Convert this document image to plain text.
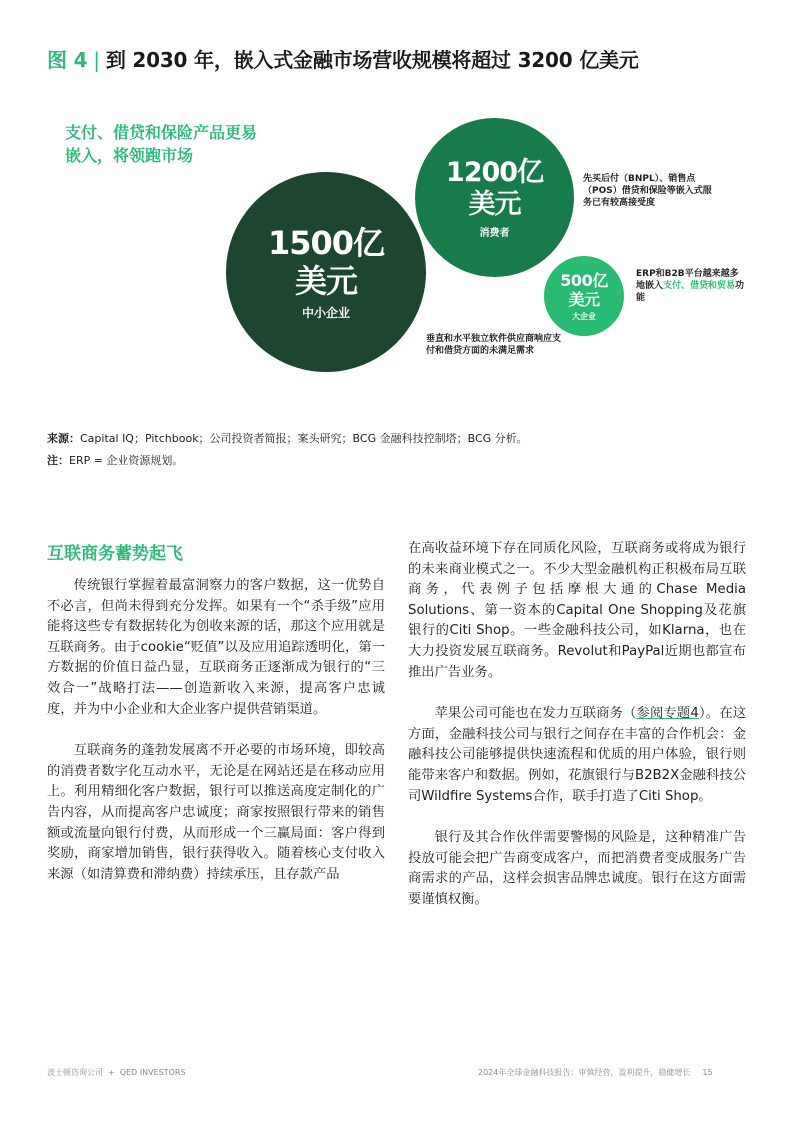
图 4 | 到 2030 年，嵌入式金融市场营收规模将超过 3200 亿美元
支付、借贷和保险产品更易嵌入，将领跑市场
1500亿
美元
中小企业
1200亿
美元
消费者
500亿
美元
大企业
先买后付（BNPL）、销售点（POS）借贷和保险等嵌入式服务已有较高接受度
ERP和B2B平台越来越多地嵌入支付、借贷和贸易功能
垂直和水平独立软件供应商响应支付和借贷方面的未满足需求
来源：Capital IQ；Pitchbook；公司投资者简报；案头研究；BCG 金融科技控制塔；BCG 分析。
注：ERP = 企业资源规划。
互联商务蓄势起飞

传统银行掌握着最富洞察力的客户数据，这一优势自不必言，但尚未得到充分发挥。如果有一个“杀手级”应用能将这些专有数据转化为创收来源的话，那这个应用就是互联商务。由于cookie“贬值”以及应用追踪透明化，第一方数据的价值日益凸显，互联商务正逐渐成为银行的“三效合一”战略打法——创造新收入来源，提高客户忠诚度，并为中小企业和大企业客户提供营销渠道。

互联商务的蓬勃发展离不开必要的市场环境，即较高的消费者数字化互动水平，无论是在网站还是在移动应用上。利用精细化客户数据，银行可以推送高度定制化的广告内容，从而提高客户忠诚度；商家按照银行带来的销售额或流量向银行付费，从而形成一个三赢局面：客户得到奖励，商家增加销售，银行获得收入。随着核心支付收入来源（如清算费和滞纳费）持续承压，且存款产品

在高收益环境下存在同质化风险，互联商务或将成为银行的未来商业模式之一。不少大型金融机构正积极布局互联商务，代表例子包括摩根大通的Chase Media Solutions、第一资本的Capital One Shopping及花旗银行的Citi Shop。一些金融科技公司，如Klarna，也在大力投资发展互联商务。Revolut和PayPal近期也都宣布推出广告业务。

苹果公司可能也在发力互联商务（参阅专题4）。在这方面，金融科技公司与银行之间存在丰富的合作机会：金融科技公司能够提供快速流程和优质的用户体验，银行则能带来客户和数据。例如，花旗银行与B2B2X金融科技公司Wildfire Systems合作，联手打造了Citi Shop。

银行及其合作伙伴需要警惕的风险是，这种精准广告投放可能会把广告商变成客户，而把消费者变成服务广告商需求的产品，这样会损害品牌忠诚度。银行在这方面需要谨慎权衡。

波士顿咨询公司 + QED INVESTORS	2024年全球金融科技报告：审慎经营，盈利提升，稳健增长 15
